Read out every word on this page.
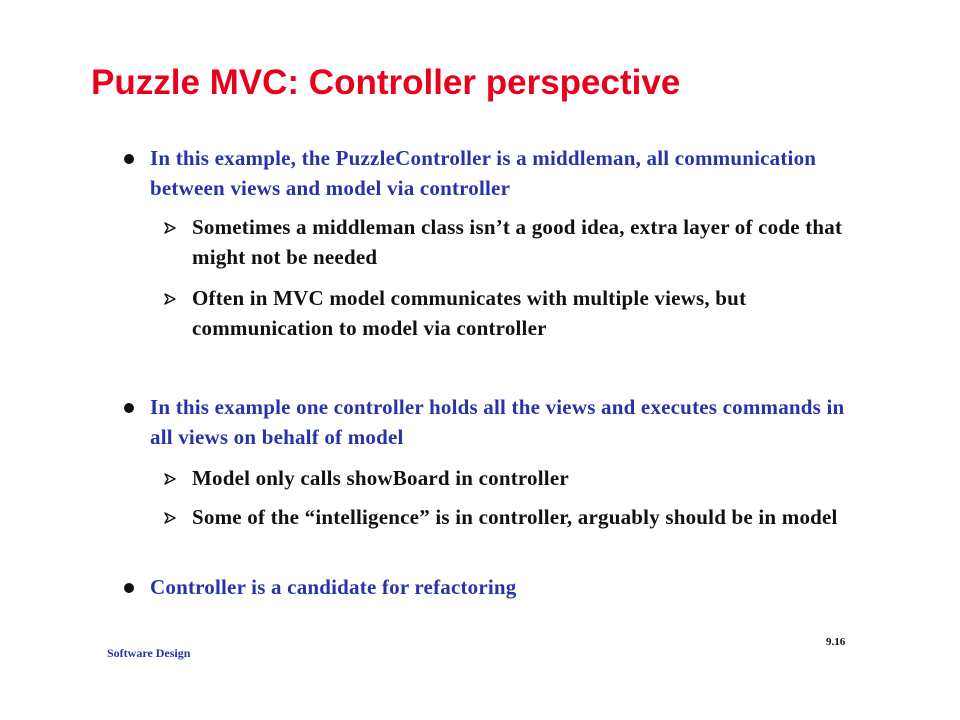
Puzzle MVC: Controller perspective
In this example, the PuzzleController is a middleman, all communication between views and model via controller
Sometimes a middleman class isn’t a good idea, extra layer of code that might not be needed
Often in MVC model communicates with multiple views, but communication to model via controller
In this example one controller holds all the views and executes commands in all views on behalf of model
Model only calls showBoard in controller
Some of the “intelligence” is in controller, arguably should be in model
Controller is a candidate for refactoring
Software Design
9.16
